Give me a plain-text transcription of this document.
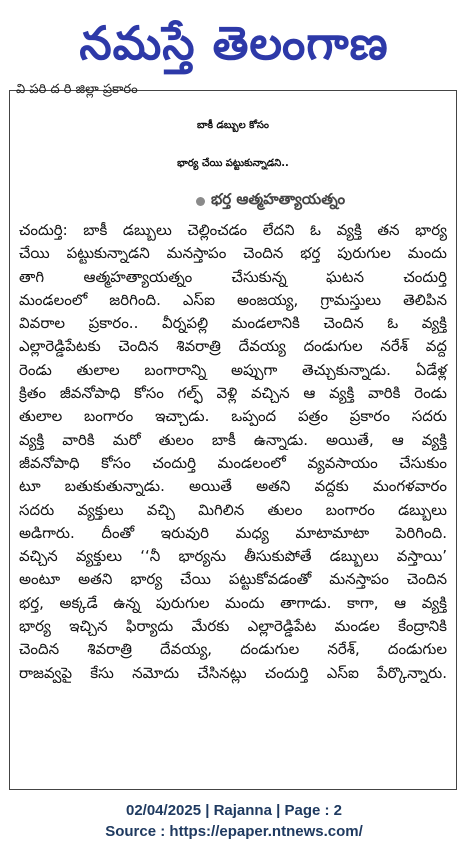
నమస్తే తెలంగాణ
వి పరి ద రి జిల్లా ప్రకారం
బాకీ డబ్బుల కోసం
భార్య చేయి పట్టుకున్నాడని..
భర్త ఆత్మహత్యాయత్నం
చందుర్తి: బాకీ డబ్బులు చెల్లించడం లేదని ఓ వ్యక్తి తన భార్య
చేయి పట్టుకున్నాడని మనస్తాపం చెందిన భర్త పురుగుల మందు
తాగి ఆత్మహత్యాయత్నం చేసుకున్న ఘటన చందుర్తి
మండలంలో జరిగింది. ఎస్ఐ అంజయ్య, గ్రామస్తులు తెలిపిన
వివరాల ప్రకారం.. వీర్నపల్లి మండలానికి చెందిన ఓ వ్యక్తి
ఎల్లారెడ్డిపేటకు చెందిన శివరాత్రి దేవయ్య దండుగుల నరేశ్ వద్ద
రెండు తులాల బంగారాన్ని అప్పుగా తెచ్చుకున్నాడు. ఏడేళ్ల
క్రితం జీవనోపాధి కోసం గల్ఫ్ వెళ్లి వచ్చిన ఆ వ్యక్తి వారికి రెండు
తులాల బంగారం ఇచ్చాడు. ఒప్పంద పత్రం ప్రకారం సదరు
వ్యక్తి వారికి మరో తులం బాకీ ఉన్నాడు. అయితే, ఆ వ్యక్తి
జీవనోపాధి కోసం చందుర్తి మండలంలో వ్యవసాయం చేసుకుం
టూ బతుకుతున్నాడు. అయితే అతని వద్దకు మంగళవారం
సదరు వ్యక్తులు వచ్చి మిగిలిన తులం బంగారం డబ్బులు
అడిగారు. దీంతో ఇరువురి మధ్య మాటామాటా పెరిగింది.
వచ్చిన వ్యక్తులు ‘‘నీ భార్యను తీసుకుపోతే డబ్బులు వస్తాయి’
అంటూ అతని భార్య చేయి పట్టుకోవడంతో మనస్తాపం చెందిన
భర్త, అక్కడే ఉన్న పురుగుల మందు తాగాడు. కాగా, ఆ వ్యక్తి
భార్య ఇచ్చిన ఫిర్యాదు మేరకు ఎల్లారెడ్డిపేట మండల కేంద్రానికి
చెందిన శివరాత్రి దేవయ్య, దండుగుల నరేశ్, దండుగుల
రాజవ్వపై కేసు నమోదు చేసినట్లు చందుర్తి ఎస్ఐ పేర్కొన్నారు.
02/04/2025 | Rajanna | Page : 2
Source : https://epaper.ntnews.com/
